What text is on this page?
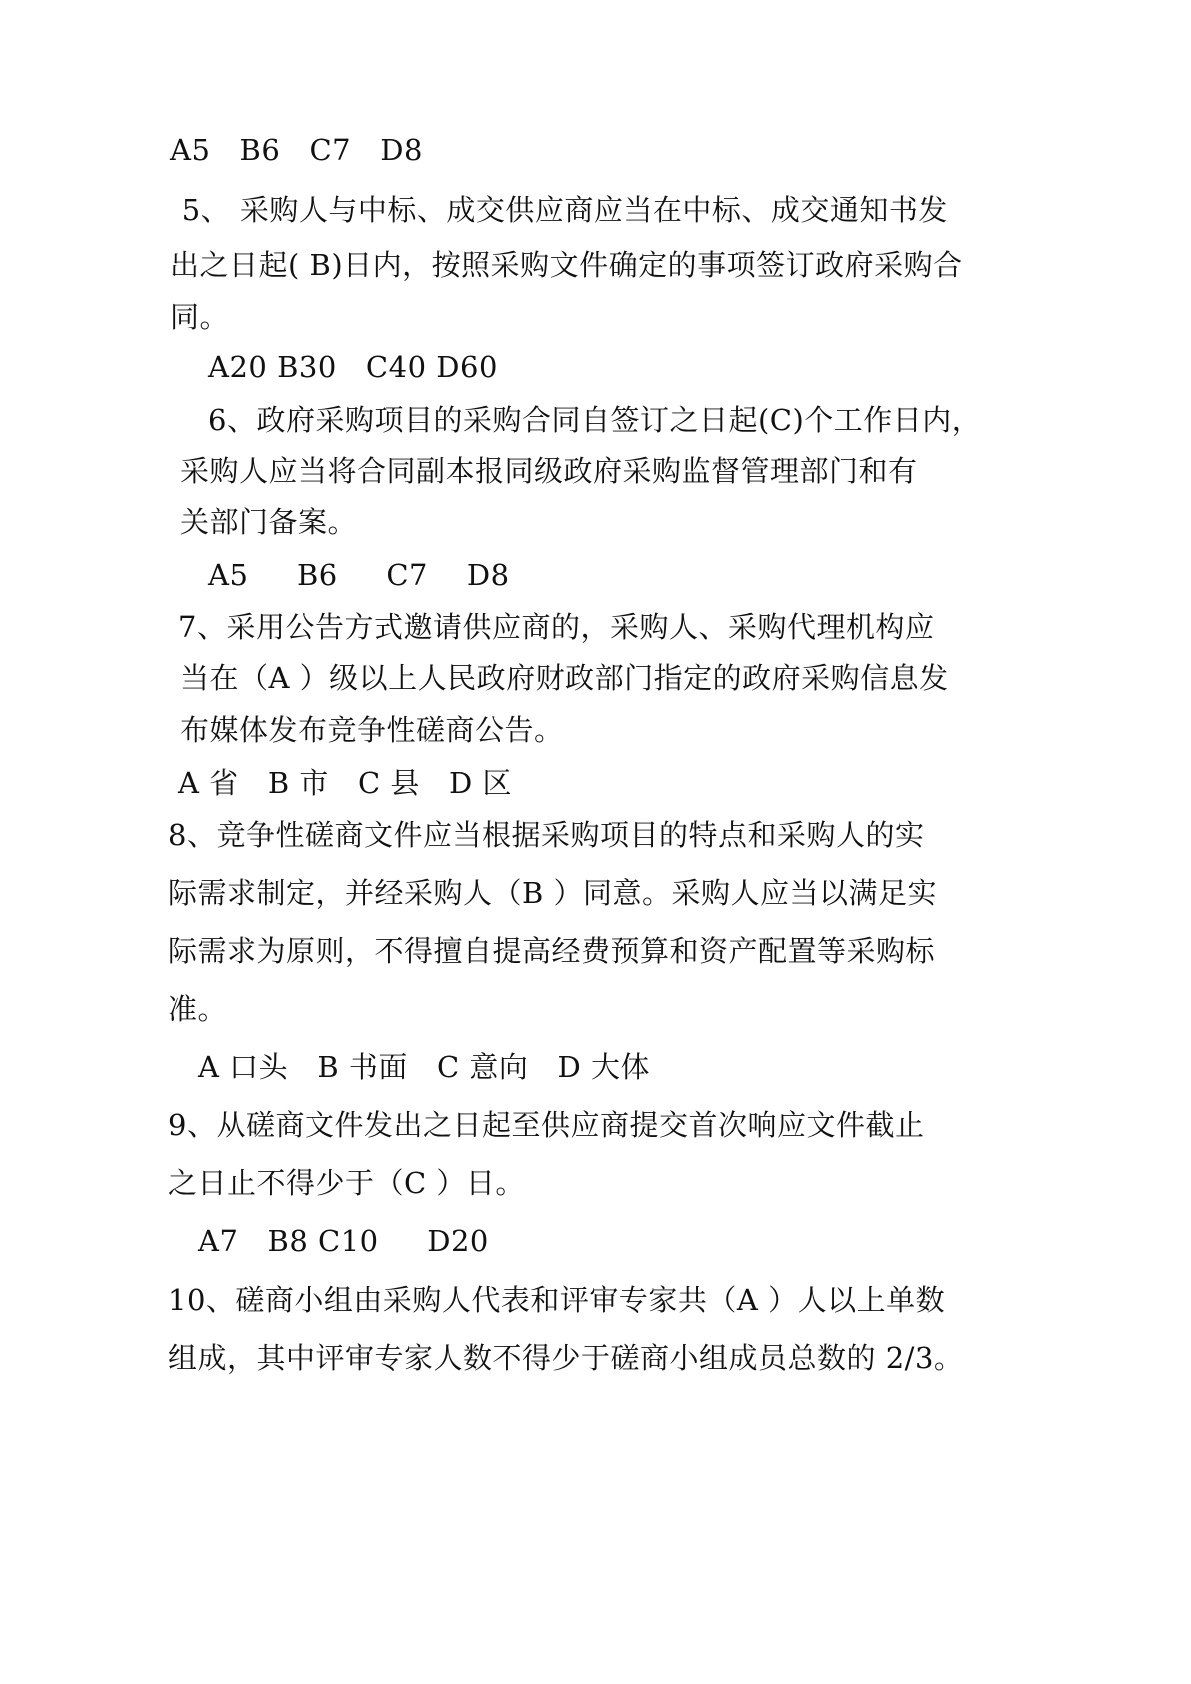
A5   B6   C7   D8

5、 采购人与中标、成交供应商应当在中标、成交通知书发

出之日起( B)日内，按照采购文件确定的事项签订政府采购合

同。

A20 B30   C40 D60

6、政府采购项目的采购合同自签订之日起(C)个工作日内，

采购人应当将合同副本报同级政府采购监督管理部门和有

关部门备案。

A5     B6     C7    D8

7、采用公告方式邀请供应商的，采购人、采购代理机构应

当在（A ）级以上人民政府财政部门指定的政府采购信息发

布媒体发布竞争性磋商公告。

A 省   B 市   C 县   D 区

8、竞争性磋商文件应当根据采购项目的特点和采购人的实

际需求制定，并经采购人（B ）同意。采购人应当以满足实

际需求为原则，不得擅自提高经费预算和资产配置等采购标

准。

A 口头   B 书面   C 意向   D 大体

9、从磋商文件发出之日起至供应商提交首次响应文件截止

之日止不得少于（C ）日。

A7   B8 C10     D20

10、磋商小组由采购人代表和评审专家共（A ）人以上单数

组成，其中评审专家人数不得少于磋商小组成员总数的 2/3。
